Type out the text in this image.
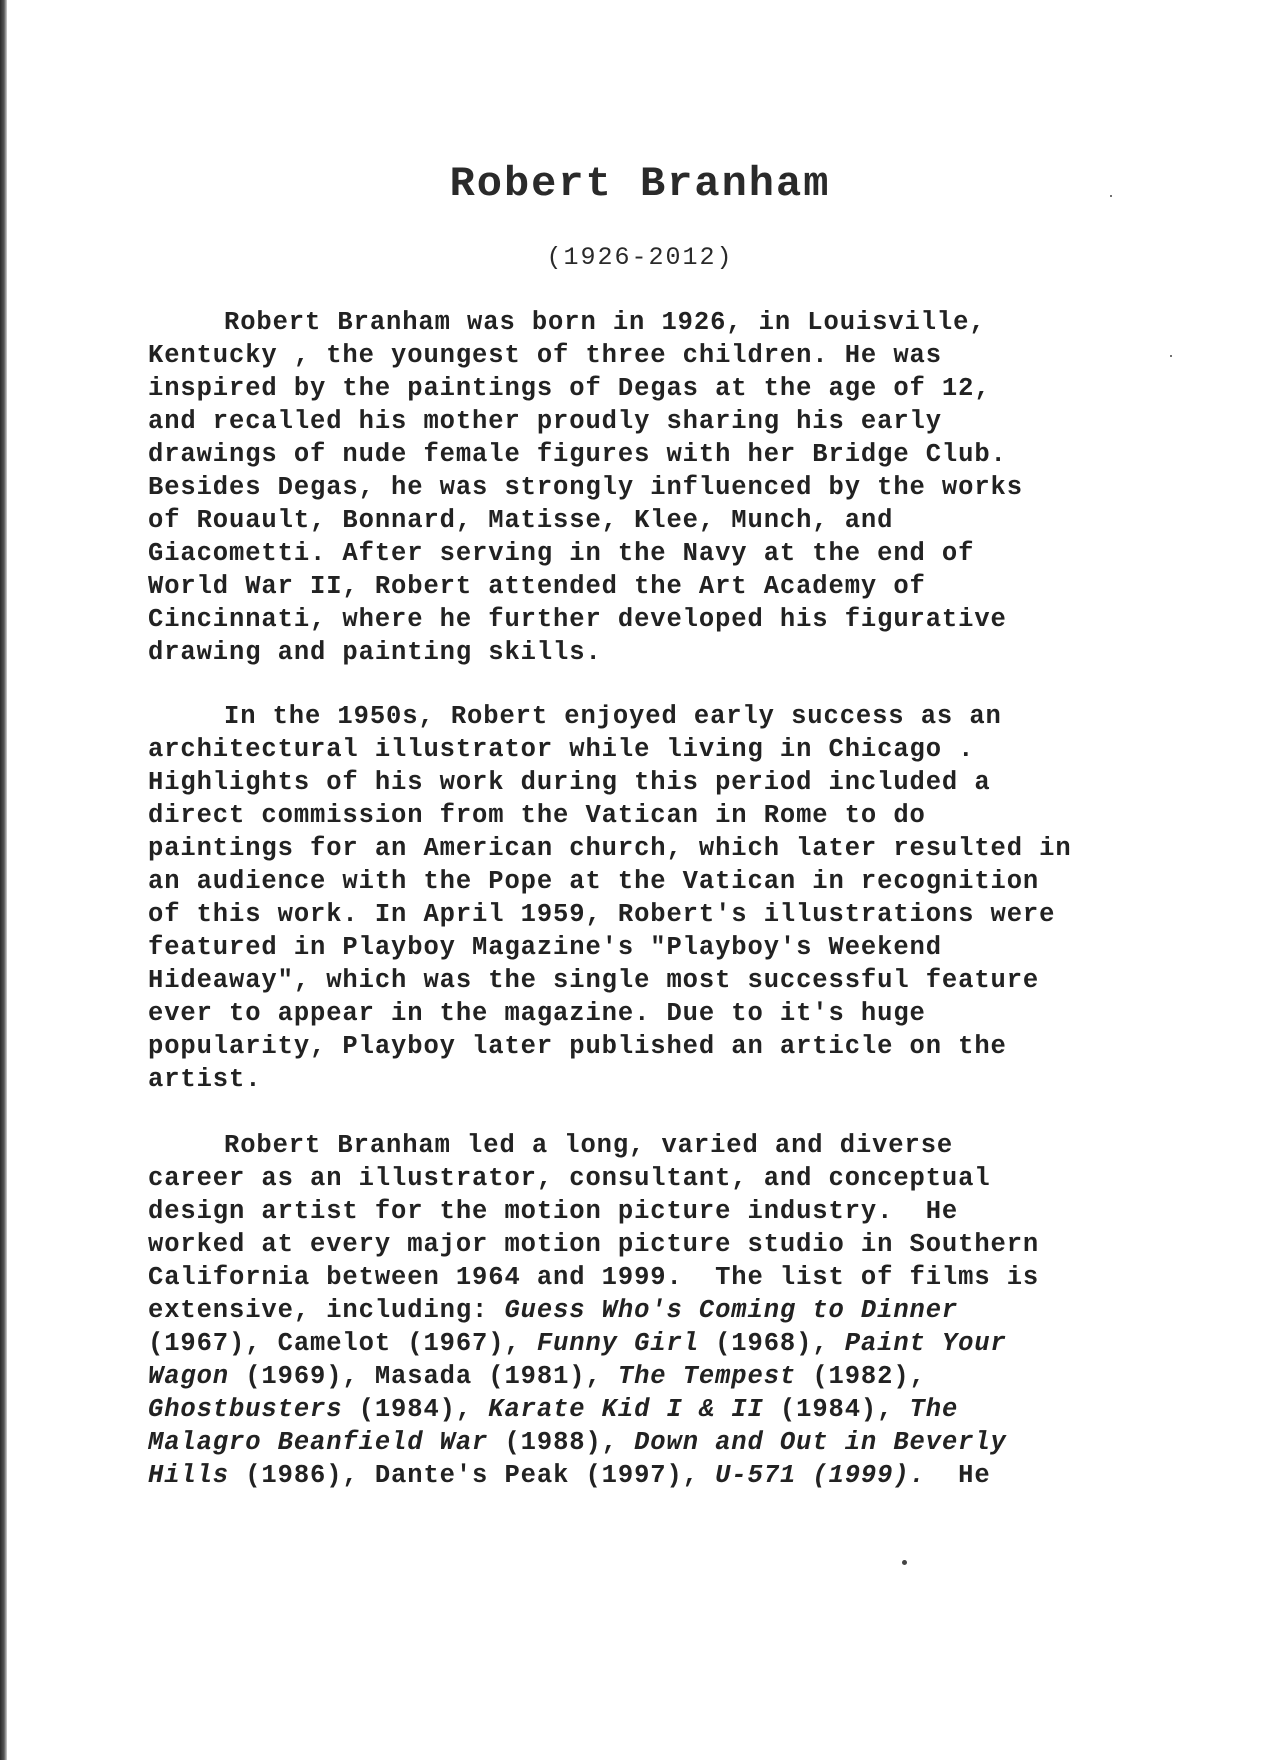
Robert Branham
(1926-2012)
Robert Branham was born in 1926, in Louisville,
Kentucky , the youngest of three children. He was
inspired by the paintings of Degas at the age of 12,
and recalled his mother proudly sharing his early
drawings of nude female figures with her Bridge Club.
Besides Degas, he was strongly influenced by the works
of Rouault, Bonnard, Matisse, Klee, Munch, and
Giacometti. After serving in the Navy at the end of
World War II, Robert attended the Art Academy of
Cincinnati, where he further developed his figurative
drawing and painting skills.
In the 1950s, Robert enjoyed early success as an
architectural illustrator while living in Chicago .
Highlights of his work during this period included a
direct commission from the Vatican in Rome to do
paintings for an American church, which later resulted in
an audience with the Pope at the Vatican in recognition
of this work. In April 1959, Robert's illustrations were
featured in Playboy Magazine's "Playboy's Weekend
Hideaway", which was the single most successful feature
ever to appear in the magazine. Due to it's huge
popularity, Playboy later published an article on the
artist.
Robert Branham led a long, varied and diverse
career as an illustrator, consultant, and conceptual
design artist for the motion picture industry.  He
worked at every major motion picture studio in Southern
California between 1964 and 1999.  The list of films is
extensive, including: Guess Who's Coming to Dinner
(1967), Camelot (1967), Funny Girl (1968), Paint Your
Wagon (1969), Masada (1981), The Tempest (1982),
Ghostbusters (1984), Karate Kid I & II (1984), The
Malagro Beanfield War (1988), Down and Out in Beverly
Hills (1986), Dante's Peak (1997), U-571 (1999).  He
